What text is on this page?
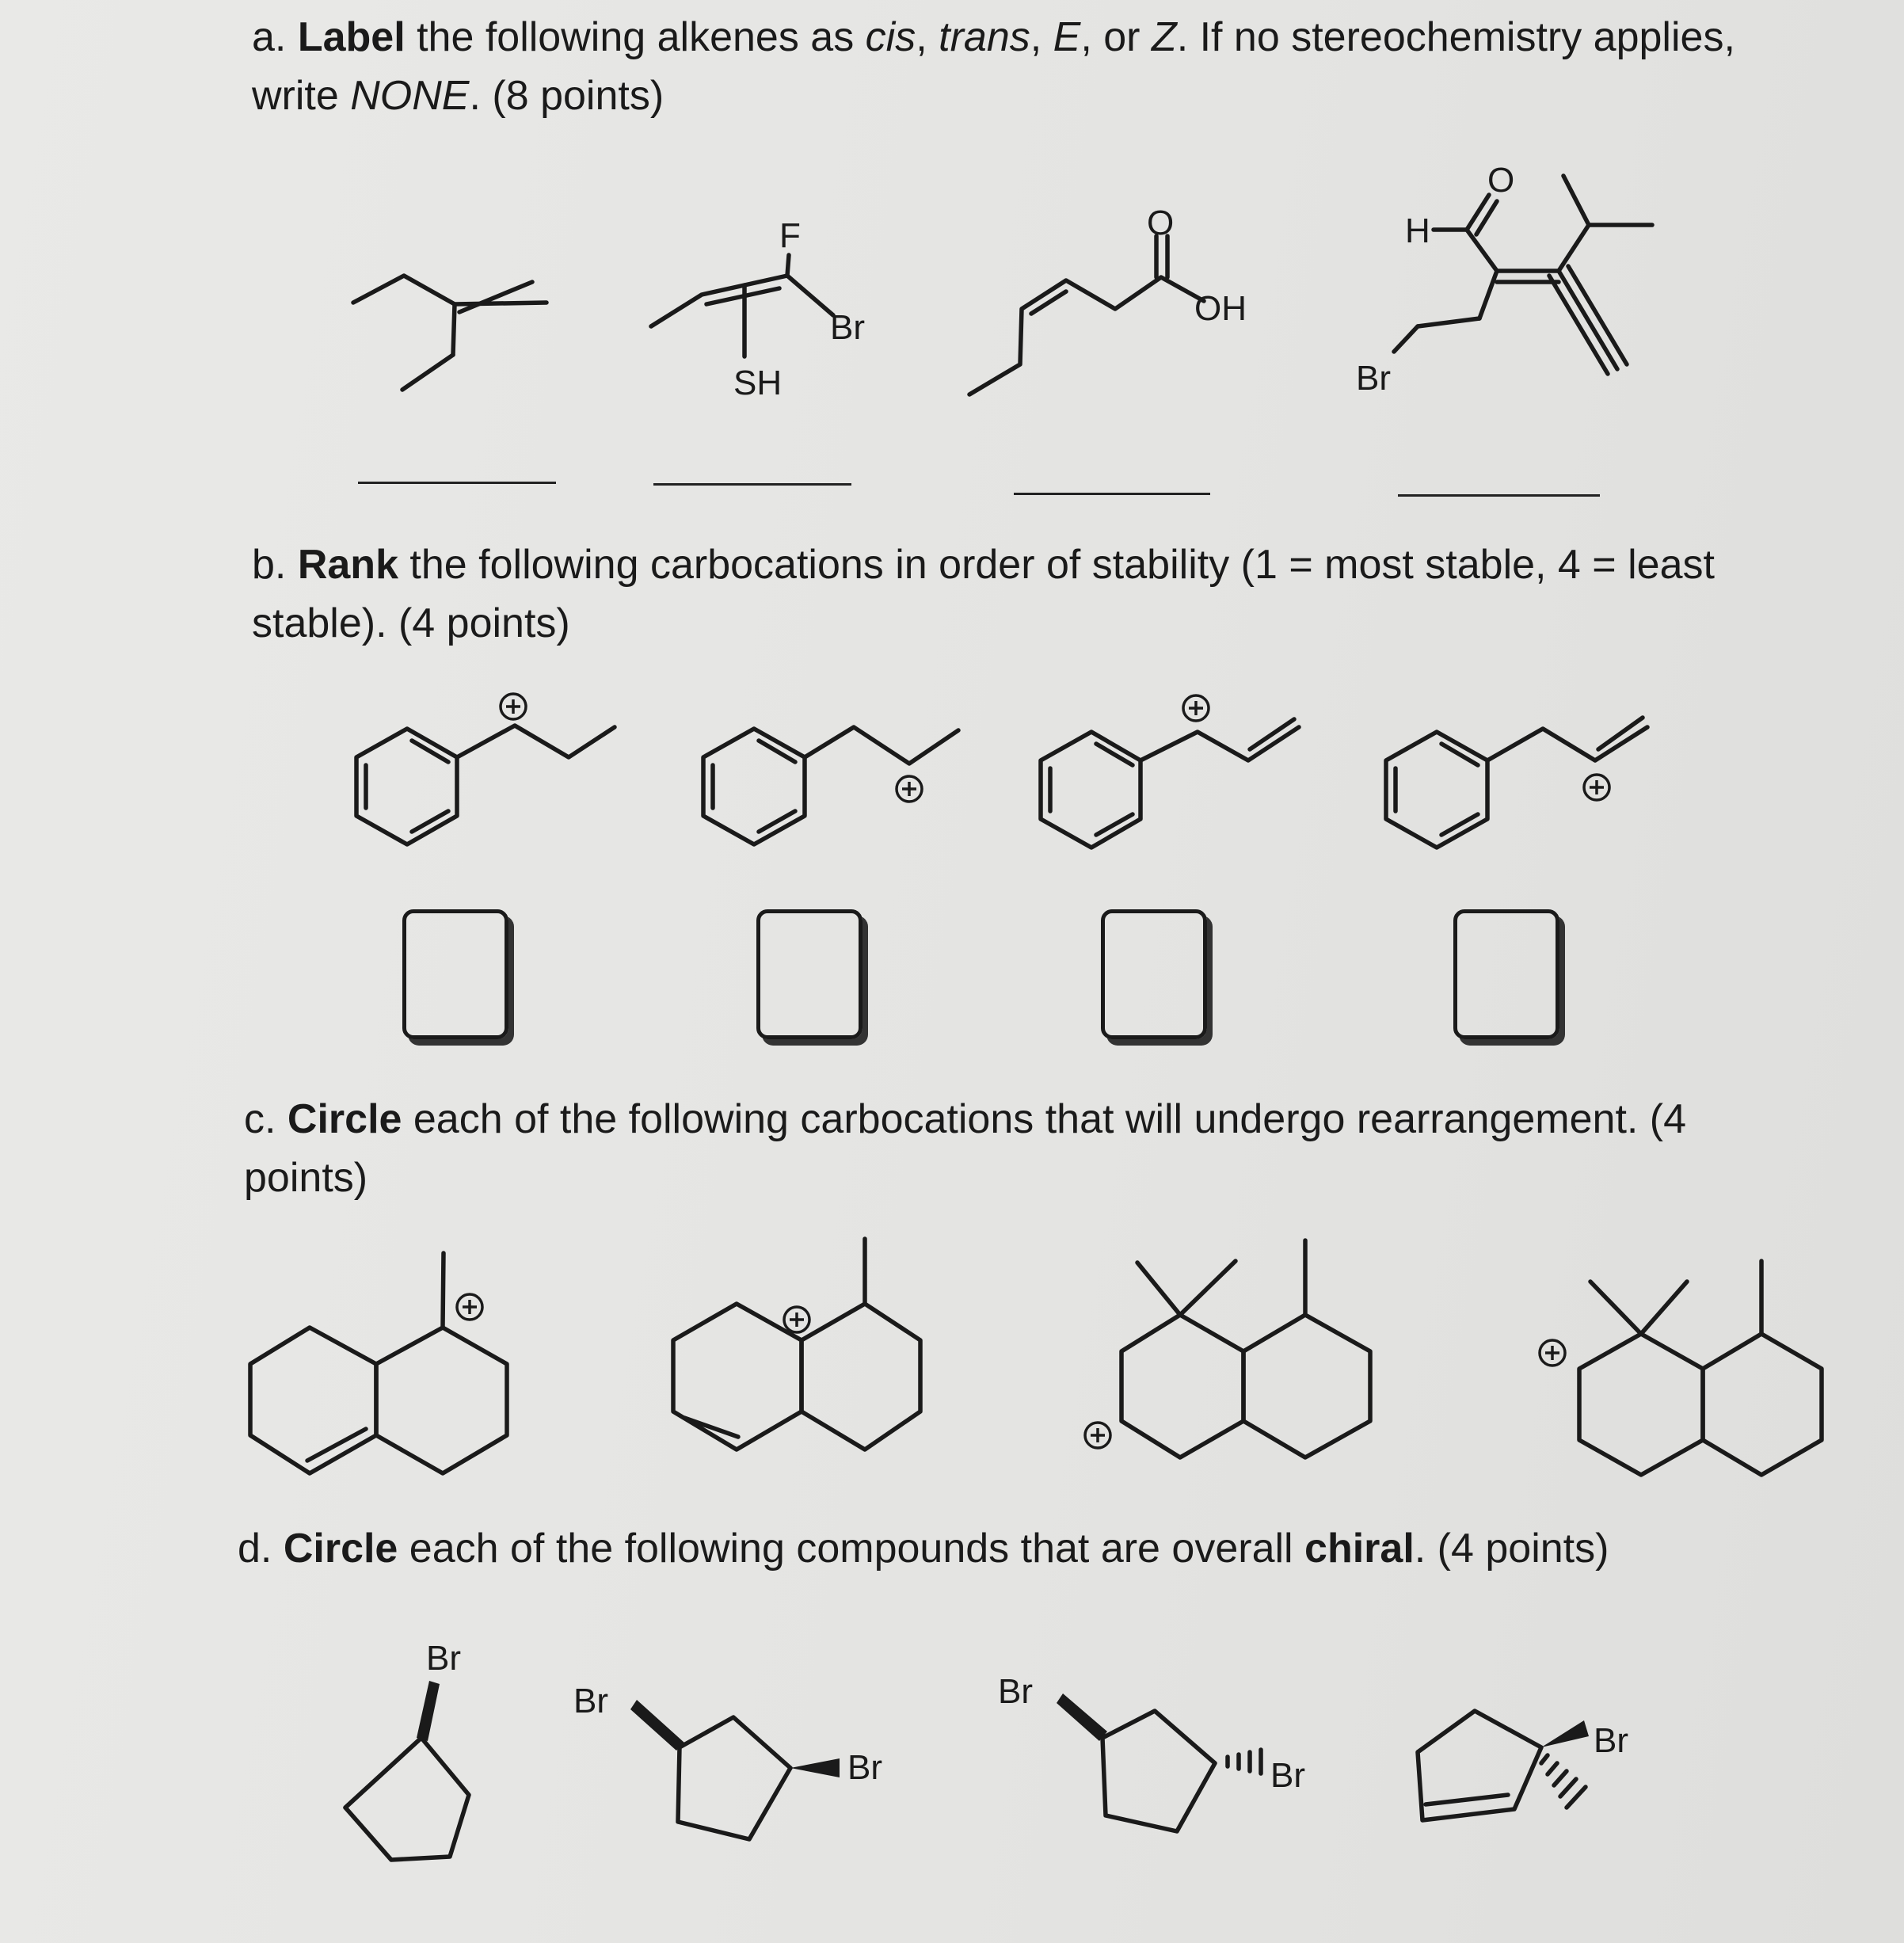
a. Label the following alkenes as cis, trans, E, or Z. If no stereochemistry applies, write NONE. (8 points)
b. Rank the following carbocations in order of stability (1 = most stable, 4 = least stable). (4 points)
c. Circle each of the following carbocations that will undergo rearrangement. (4 points)
d. Circle each of the following compounds that are overall chiral. (4 points)
F
SH
Br
O
OH
H
O
Br
Br
Br
Br
Br
Br
Br
